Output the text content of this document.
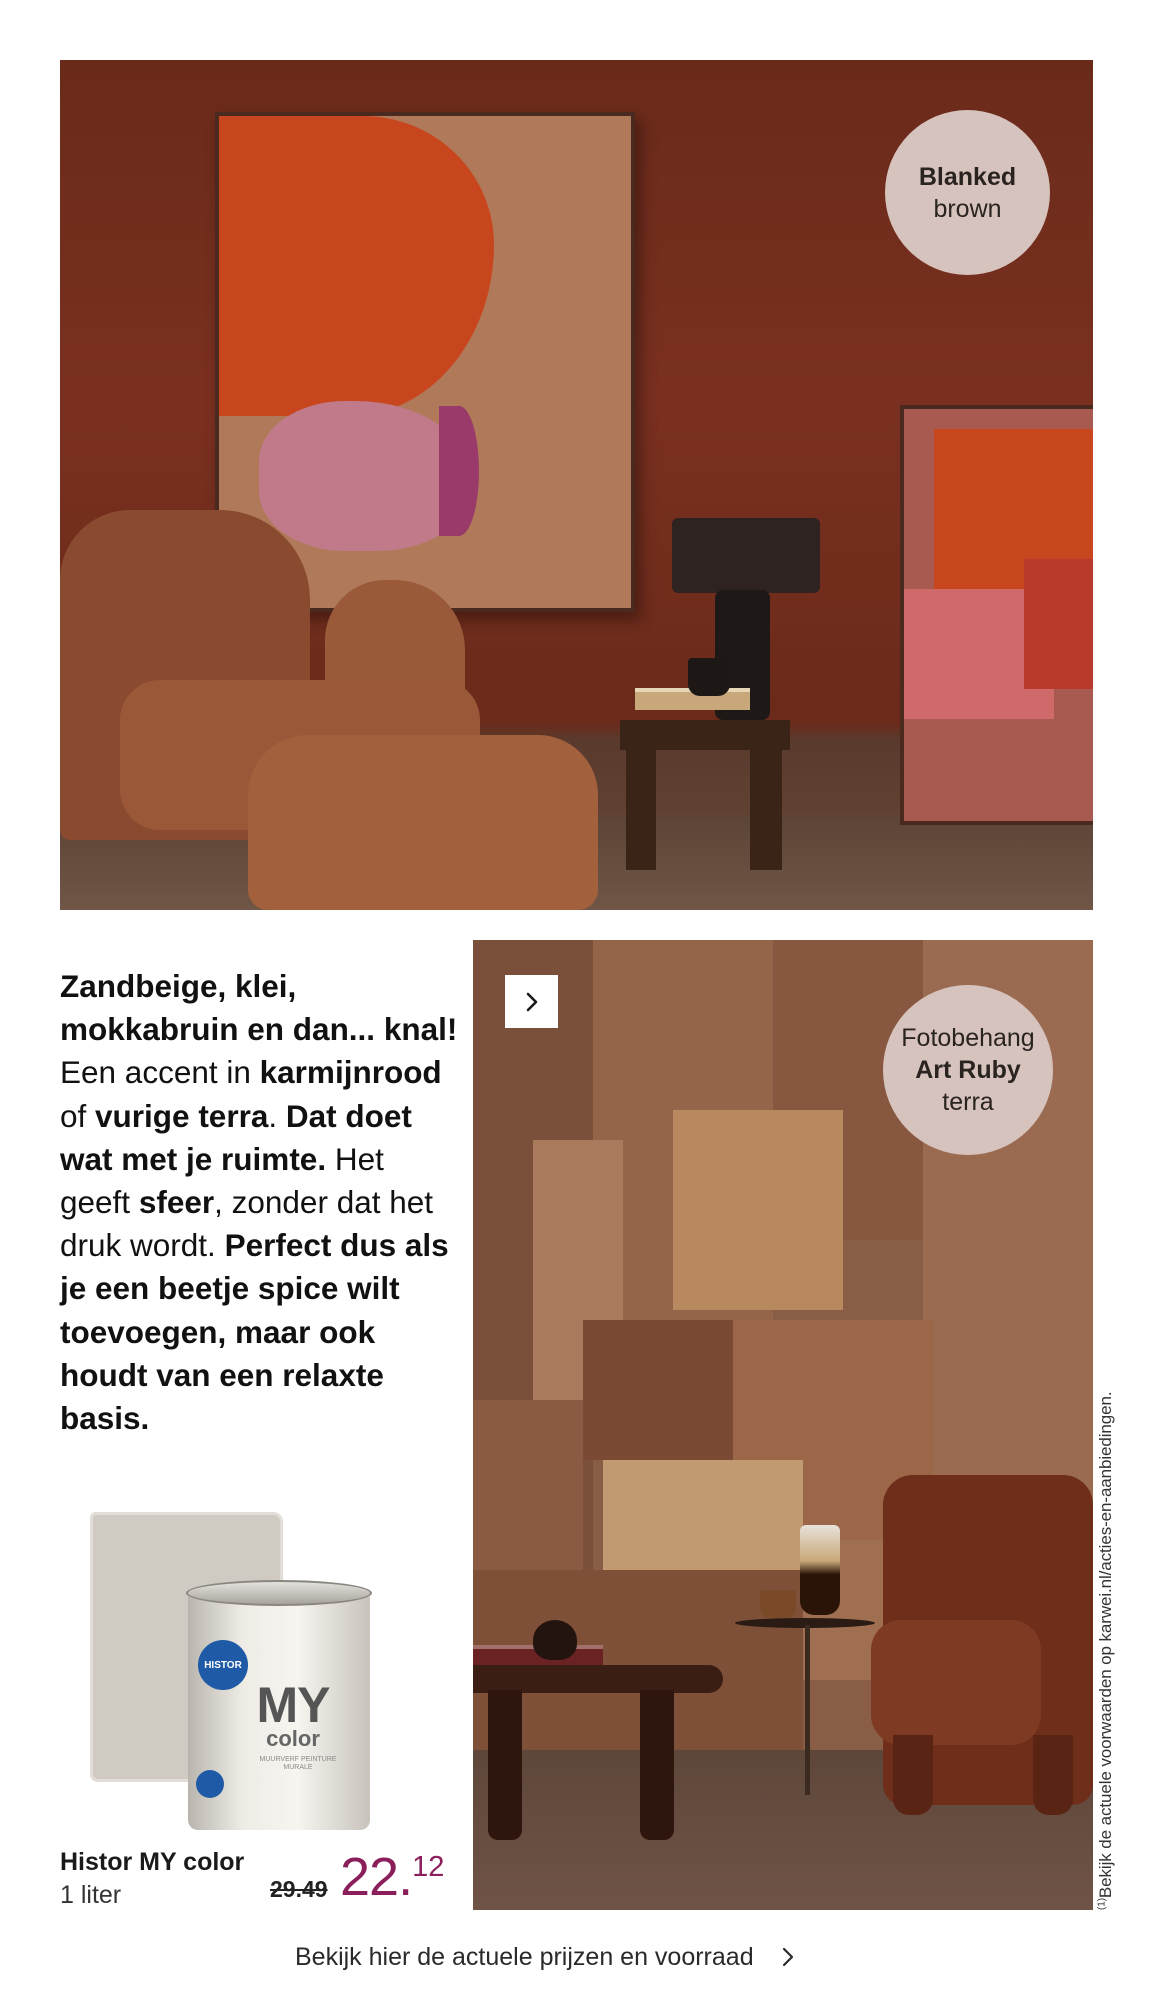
Blanked
brown

Zandbeige, klei, mokkabruin en dan... knal! Een accent in karmijnrood of vurige terra. Dat doet wat met je ruimte. Het geeft sfeer, zonder dat het druk wordt. Perfect dus als je een beetje spice wilt toevoegen, maar ook houdt van een relaxte basis.

HISTOR
MY
color
MUURVERF PEINTURE MURALE
Histor MY color
1 liter	29.49 22.12
Fotobehang
Art Ruby
terra
$^{(1)}$Bekijk de actuele voorwaarden op karwei.nl/acties-en-aanbiedingen.
Bekijk hier de actuele prijzen en voorraad
